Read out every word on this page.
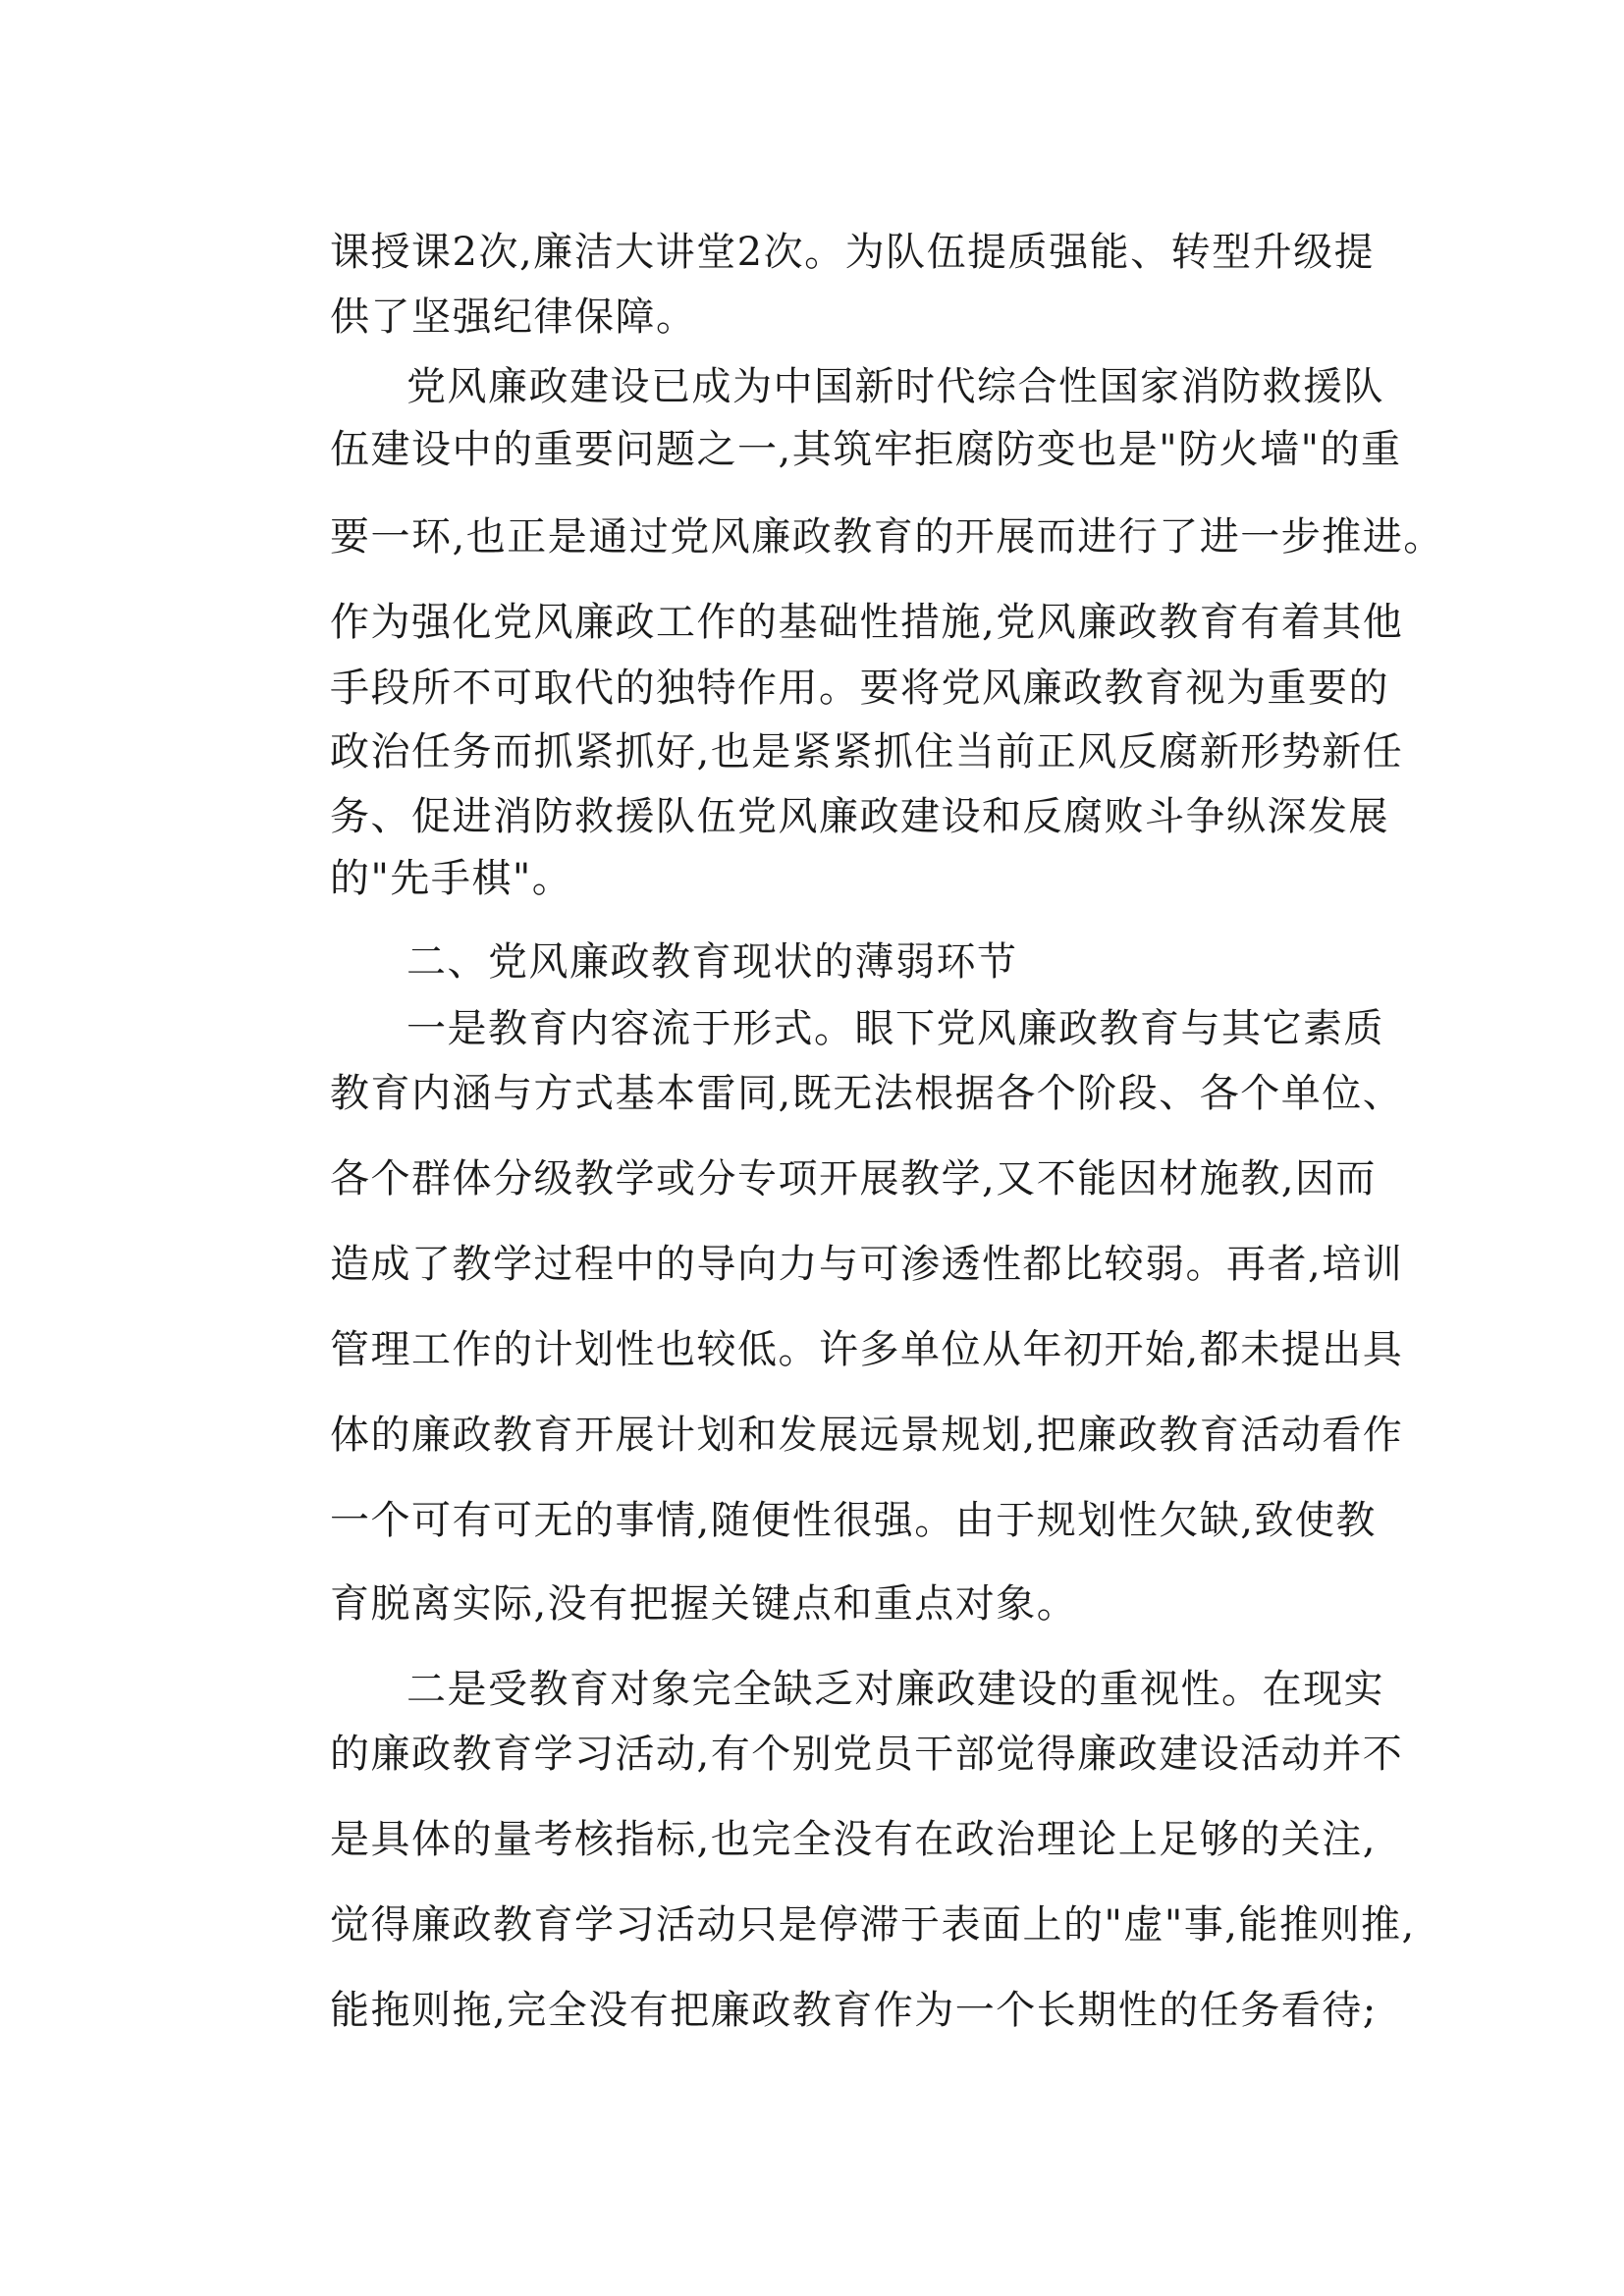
课授课2次,廉洁大讲堂2次。为队伍提质强能、转型升级提
供了坚强纪律保障。
党风廉政建设已成为中国新时代综合性国家消防救援队
伍建设中的重要问题之一,其筑牢拒腐防变也是"防火墙"的重
要一环,也正是通过党风廉政教育的开展而进行了进一步推进。
作为强化党风廉政工作的基础性措施,党风廉政教育有着其他
手段所不可取代的独特作用。要将党风廉政教育视为重要的
政治任务而抓紧抓好,也是紧紧抓住当前正风反腐新形势新任
务、促进消防救援队伍党风廉政建设和反腐败斗争纵深发展
的"先手棋"。
二、党风廉政教育现状的薄弱环节
一是教育内容流于形式。眼下党风廉政教育与其它素质
教育内涵与方式基本雷同,既无法根据各个阶段、各个单位、
各个群体分级教学或分专项开展教学,又不能因材施教,因而
造成了教学过程中的导向力与可渗透性都比较弱。再者,培训
管理工作的计划性也较低。许多单位从年初开始,都未提出具
体的廉政教育开展计划和发展远景规划,把廉政教育活动看作
一个可有可无的事情,随便性很强。由于规划性欠缺,致使教
育脱离实际,没有把握关键点和重点对象。
二是受教育对象完全缺乏对廉政建设的重视性。在现实
的廉政教育学习活动,有个别党员干部觉得廉政建设活动并不
是具体的量考核指标,也完全没有在政治理论上足够的关注,
觉得廉政教育学习活动只是停滞于表面上的"虚"事,能推则推,
能拖则拖,完全没有把廉政教育作为一个长期性的任务看待;
